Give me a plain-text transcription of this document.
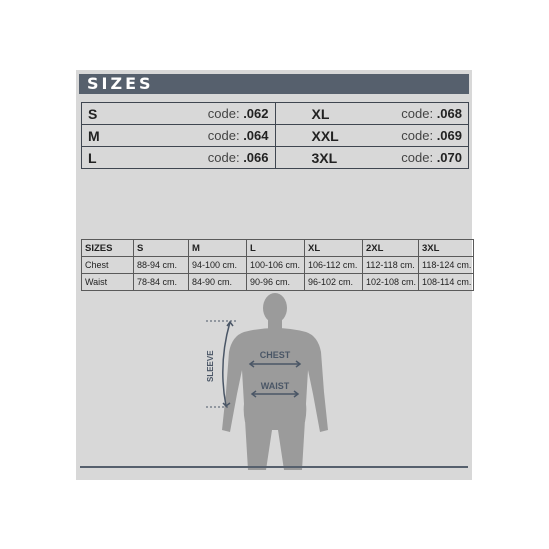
SIZES
S code: .062	XL code: .068

M code: .064	XXL code: .069

L code: .066	3XL code: .070
SIZES	S	M	L	XL	2XL	3XL
Chest	88-94 cm.	94-100 cm.	100-106 cm.	106-112 cm.	112-118 cm.	118-124 cm.
Waist	78-84 cm.	84-90 cm.	90-96 cm.	96-102 cm.	102-108 cm.	108-114 cm.
CHEST
WAIST
SLEEVE
